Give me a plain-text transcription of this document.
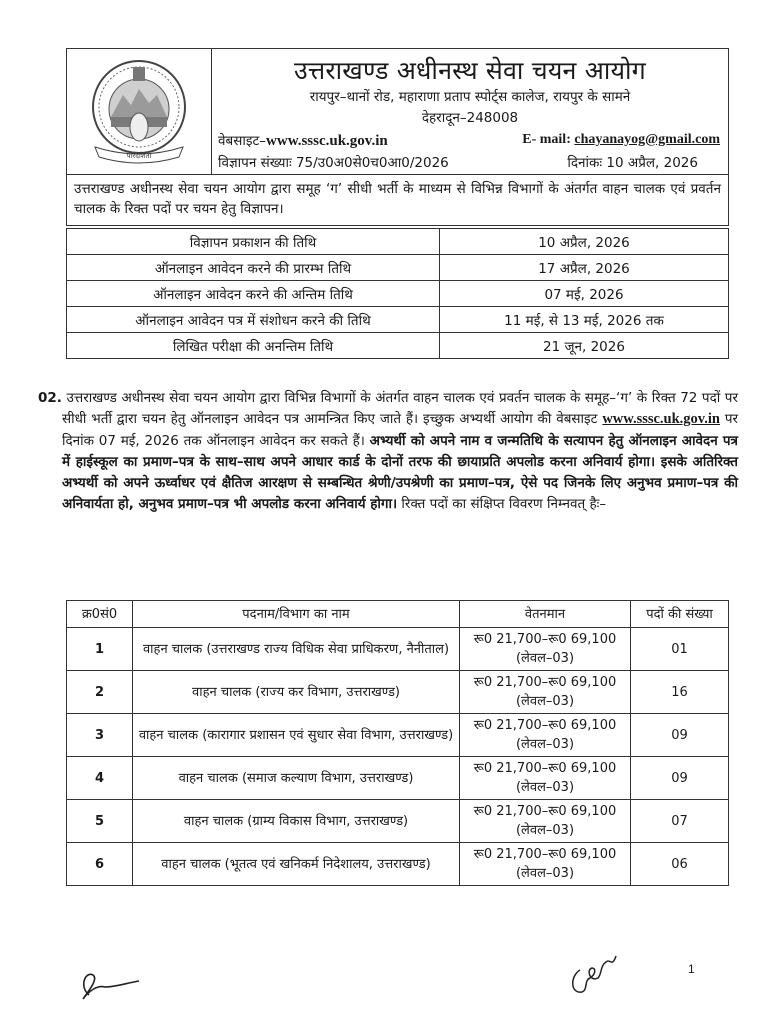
पारदर्शिता
उत्तराखण्ड अधीनस्थ सेवा चयन आयोग
रायपुर–थानों रोड, महाराणा प्रताप स्पोर्ट्स कालेज, रायपुर के सामने
देहरादून–248008
वेबसाइट–www.sssc.uk.gov.in	E- mail: chayanayog@gmail.com
विज्ञापन संख्याः 75/उ0अ0से0च0आ0/2026	दिनांकः 10 अप्रैल, 2026
उत्तराखण्ड अधीनस्थ सेवा चयन आयोग द्वारा समूह ‘ग’ सीधी भर्ती के माध्यम से विभिन्न विभागों के अंतर्गत वाहन चालक एवं प्रवर्तन चालक के रिक्त पदों पर चयन हेतु विज्ञापन।
विज्ञापन प्रकाशन की तिथि	10 अप्रैल, 2026
ऑनलाइन आवेदन करने की प्रारम्भ तिथि	17 अप्रैल, 2026
ऑनलाइन आवेदन करने की अन्तिम तिथि	07 मई, 2026
ऑनलाइन आवेदन पत्र में संशोधन करने की तिथि	11 मई, से 13 मई, 2026 तक
लिखित परीक्षा की अनन्तिम तिथि	21 जून, 2026
02. उत्तराखण्ड अधीनस्थ सेवा चयन आयोग द्वारा विभिन्न विभागों के अंतर्गत वाहन चालक एवं प्रवर्तन चालक के समूह–‘ग’ के रिक्त 72 पदों पर सीधी भर्ती द्वारा चयन हेतु ऑनलाइन आवेदन पत्र आमन्त्रित किए जाते हैं। इच्छुक अभ्यर्थी आयोग की वेबसाइट www.sssc.uk.gov.in पर दिनांक 07 मई, 2026 तक ऑनलाइन आवेदन कर सकते हैं। अभ्यर्थी को अपने नाम व जन्मतिथि के सत्यापन हेतु ऑनलाइन आवेदन पत्र में हाईस्कूल का प्रमाण–पत्र के साथ–साथ अपने आधार कार्ड के दोनों तरफ की छायाप्रति अपलोड करना अनिवार्य होगा। इसके अतिरिक्त अभ्यर्थी को अपने ऊर्ध्वाधर एवं क्षैतिज आरक्षण से सम्बन्धित श्रेणी/उपश्रेणी का प्रमाण–पत्र, ऐसे पद जिनके लिए अनुभव प्रमाण–पत्र की अनिवार्यता हो, अनुभव प्रमाण–पत्र भी अपलोड करना अनिवार्य होगा। रिक्त पदों का संक्षिप्त विवरण निम्नवत् हैः–
क्र0सं0	पदनाम/विभाग का नाम	वेतनमान	पदों की संख्या
1	वाहन चालक (उत्तराखण्ड राज्य विधिक सेवा प्राधिकरण, नैनीताल)	रू0 21,700–रू0 69,100
(लेवल–03)	01
2	वाहन चालक (राज्य कर विभाग, उत्तराखण्ड)	रू0 21,700–रू0 69,100
(लेवल–03)	16
3	वाहन चालक (कारागार प्रशासन एवं सुधार सेवा विभाग, उत्तराखण्ड)	रू0 21,700–रू0 69,100
(लेवल–03)	09
4	वाहन चालक (समाज कल्याण विभाग, उत्तराखण्ड)	रू0 21,700–रू0 69,100
(लेवल–03)	09
5	वाहन चालक (ग्राम्य विकास विभाग, उत्तराखण्ड)	रू0 21,700–रू0 69,100
(लेवल–03)	07
6	वाहन चालक (भूतत्व एवं खनिकर्म निदेशालय, उत्तराखण्ड)	रू0 21,700–रू0 69,100
(लेवल–03)	06
1
